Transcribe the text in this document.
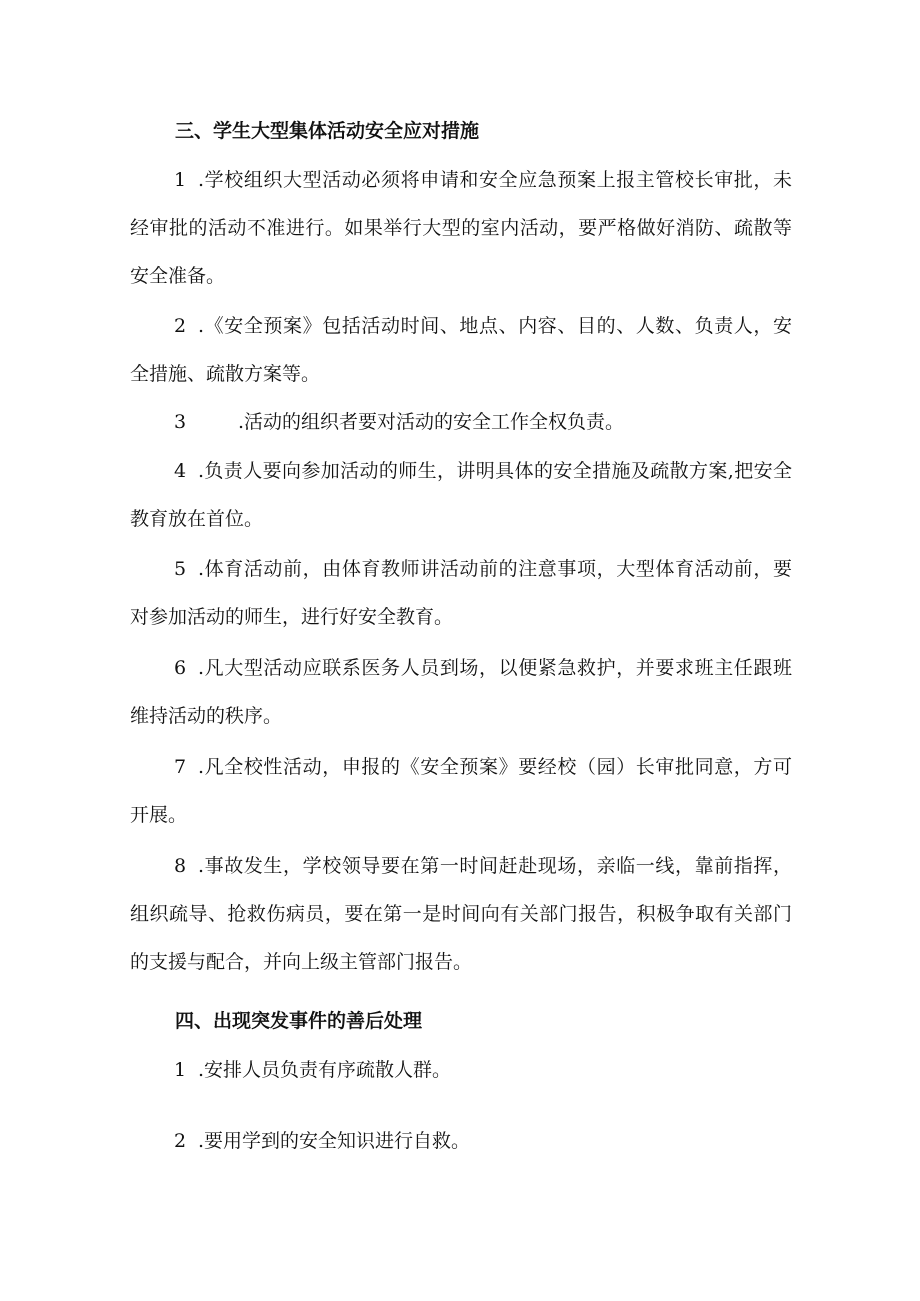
三、学生大型集体活动安全应对措施

1 .学校组织大型活动必须将申请和安全应急预案上报主管校长审批，未经审批的活动不准进行。如果举行大型的室内活动，要严格做好消防、疏散等安全准备。

2 .《安全预案》包括活动时间、地点、内容、目的、人数、负责人，安全措施、疏散方案等。

3	.活动的组织者要对活动的安全工作全权负责。

4 .负责人要向参加活动的师生，讲明具体的安全措施及疏散方案,把安全教育放在首位。

5 .体育活动前，由体育教师讲活动前的注意事项，大型体育活动前，要对参加活动的师生，进行好安全教育。

6 .凡大型活动应联系医务人员到场，以便紧急救护，并要求班主任跟班维持活动的秩序。

7 .凡全校性活动，申报的《安全预案》要经校（园）长审批同意，方可开展。

8 .事故发生，学校领导要在第一时间赶赴现场，亲临一线，靠前指挥，组织疏导、抢救伤病员，要在第一是时间向有关部门报告，积极争取有关部门的支援与配合，并向上级主管部门报告。

四、出现突发事件的善后处理

1 .安排人员负责有序疏散人群。

2 .要用学到的安全知识进行自救。
